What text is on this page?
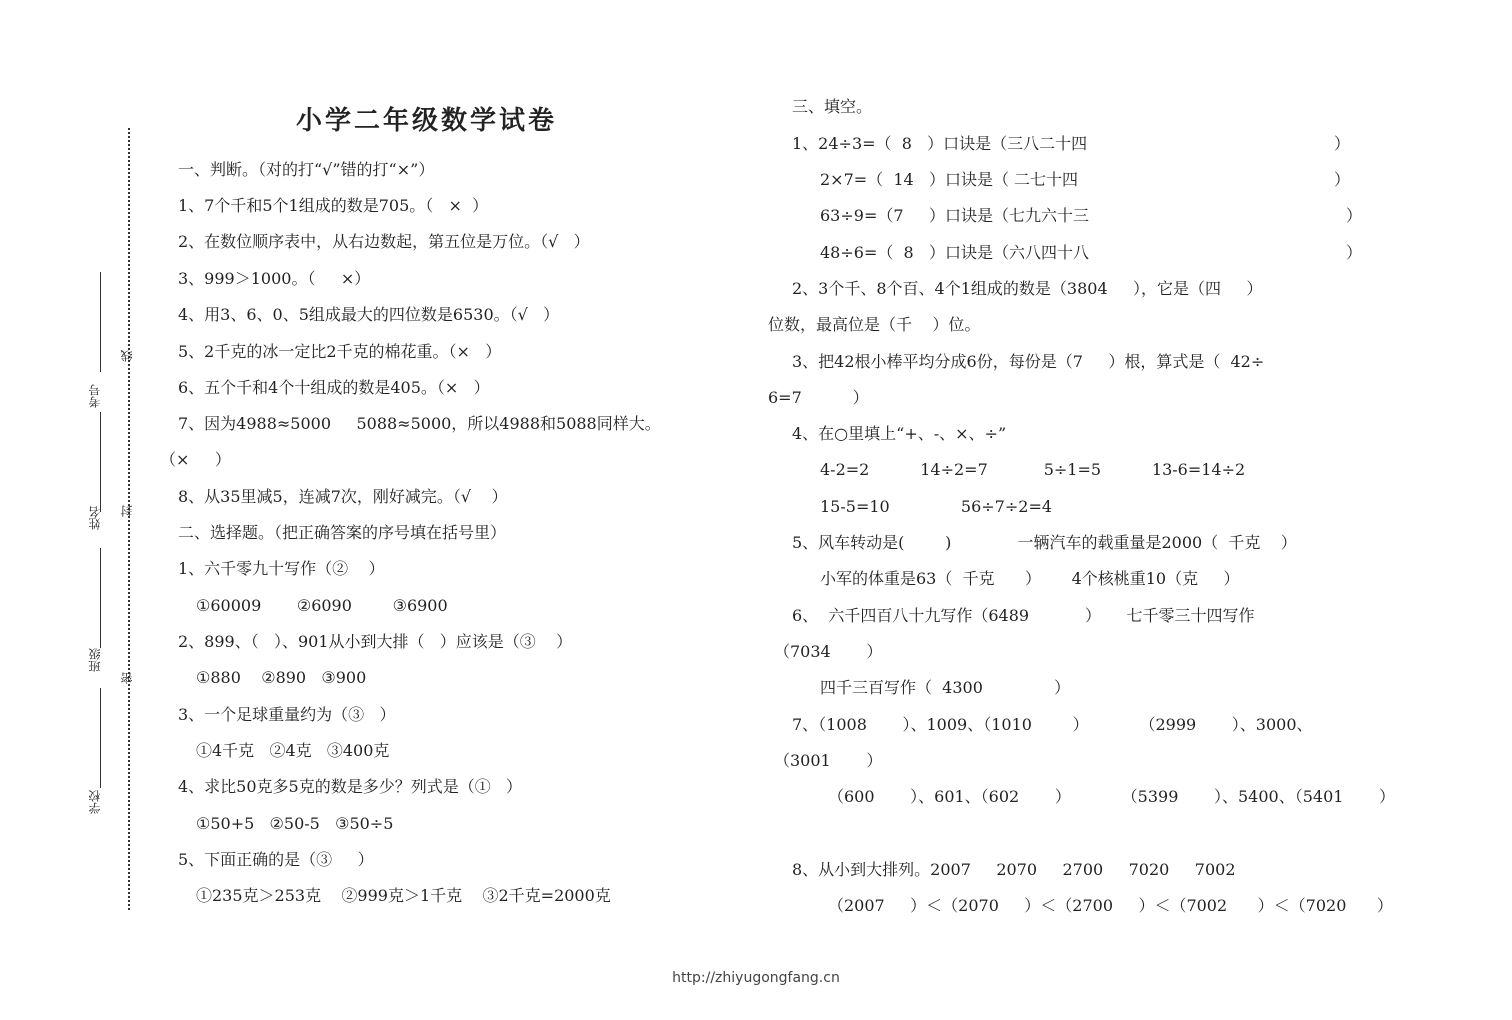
考号
姓名
班级
学校
线
封
密
小学二年级数学试卷
一、判断。（对的打“√”错的打“×”）
1、7个千和5个1组成的数是705。（   ×  ）
2、在数位顺序表中，从右边数起，第五位是万位。（√   ）
3、999＞1000。（     ×）
4、用3、6、0、5组成最大的四位数是6530。（√   ）
5、2千克的冰一定比2千克的棉花重。（×   ）
6、五个千和4个十组成的数是405。（×   ）
7、因为4988≈5000     5088≈5000，所以4988和5088同样大。
（×     ）
8、从35里减5，连减7次，刚好减完。（√    ）
二、选择题。（把正确答案的序号填在括号里）
1、六千零九十写作（②    ）
①60009       ②6090        ③6900
2、899、（   ）、901从小到大排（   ）应该是（③    ）
①880    ②890   ③900
3、一个足球重量约为（③   ）
①4千克   ②4克   ③400克
4、求比50克多5克的数是多少？列式是（①   ）
①50+5   ②50-5   ③50÷5
5、下面正确的是（③     ）
①235克＞253克    ②999克＞1千克    ③2千克=2000克
三、填空。
1、24÷3=（  8   ）口诀是（三八二十四	）
2×7=（  14   ）口诀是（ 二七十四	）
63÷9=（7     ）口诀是（七九六十三	）
48÷6=（  8   ）口诀是（六八四十八	）
2、3个千、8个百、4个1组成的数是（3804     ），它是（四     ）
位数，最高位是（千    ）位。
3、把42根小棒平均分成6份，每份是（7     ）根，算式是（  42÷
6=7          ）
4、在○里填上“+、-、×、÷”
4-2=2          14÷2=7           5÷1=5          13-6=14÷2
15-5=10              56÷7÷2=4
5、风车转动是(        )             一辆汽车的载重量是2000（  千克    ）
小军的体重是63（  千克      ）      4个核桃重10（克     ）
6、  六千四百八十九写作（6489           ）     七千零三十四写作
（7034       ）
四千三百写作（  4300              ）
7、（1008       ）、1009、（1010        ）          （2999       ）、3000、
（3001       ）
（600       ）、601、（602       ）          （5399       ）、5400、（5401       ）
8、从小到大排列。2007     2070     2700     7020     7002
（2007     ）＜（2070     ）＜（2700     ）＜（7002      ）＜（7020      ）
http://zhiyugongfang.cn
